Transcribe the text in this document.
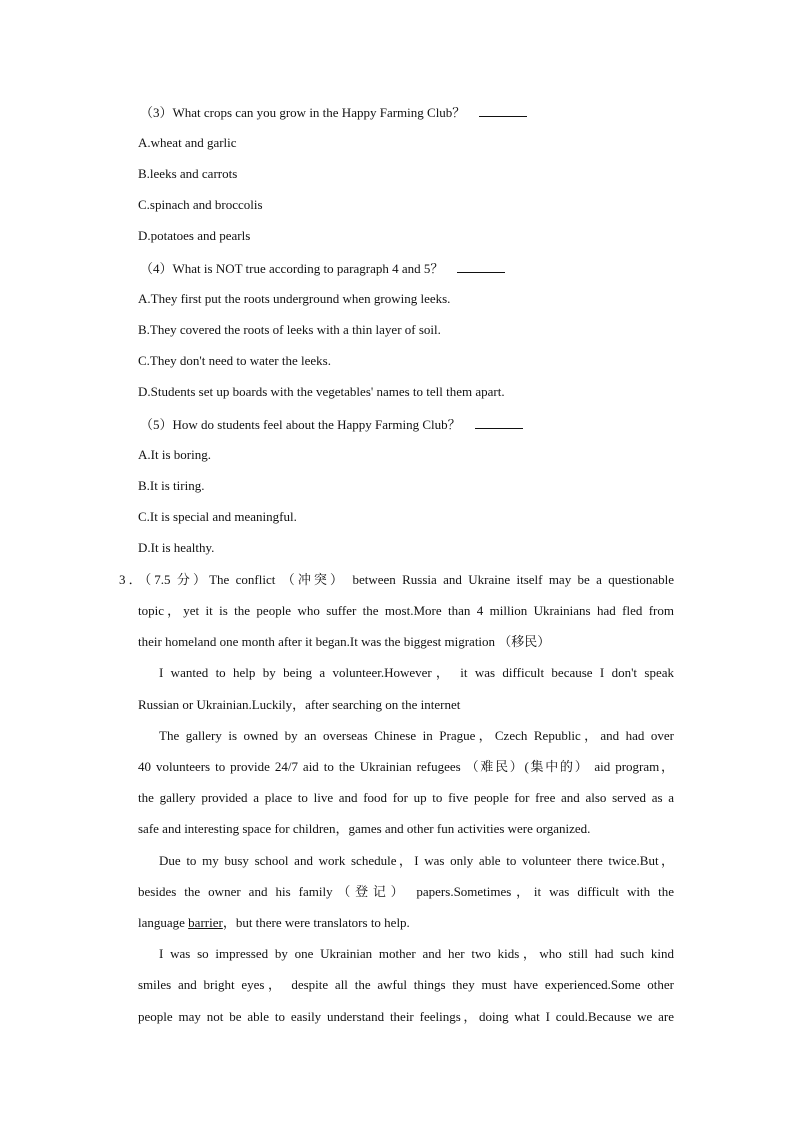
（3）What crops can you grow in the Happy Farming Club？
A.wheat and garlic
B.leeks and carrots
C.spinach and broccolis
D.potatoes and pearls
（4）What is NOT true according to paragraph 4 and 5？
A.They first put the roots underground when growing leeks.
B.They covered the roots of leeks with a thin layer of soil.
C.They don't need to water the leeks.
D.Students set up boards with the vegetables' names to tell them apart.
（5）How do students feel about the Happy Farming Club？
A.It is boring.
B.It is tiring.
C.It is special and meaningful.
D.It is healthy.
3．（7.5 分）The conflict （冲突） between Russia and Ukraine itself may be a questionable
topic，yet it is the people who suffer the most.More than 4 million Ukrainians had fled from
their homeland one month after it began.It was the biggest migration （移民）
I wanted to help by being a volunteer.However， it was difficult because I don't speak
Russian or Ukrainian.Luckily，after searching on the internet
The gallery is owned by an overseas Chinese in Prague，Czech Republic，and had over
40 volunteers to provide 24/7 aid to the Ukrainian refugees （难民）(集中的） aid program，
the gallery provided a place to live and food for up to five people for free and also served as a
safe and interesting space for children，games and other fun activities were organized.
Due to my busy school and work schedule，I was only able to volunteer there twice.But，
besides the owner and his family（登记） papers.Sometimes，it was difficult with the
language barrier，but there were translators to help.
I was so impressed by one Ukrainian mother and her two kids，who still had such kind
smiles and bright eyes， despite all the awful things they must have experienced.Some other
people may not be able to easily understand their feelings，doing what I could.Because we are
